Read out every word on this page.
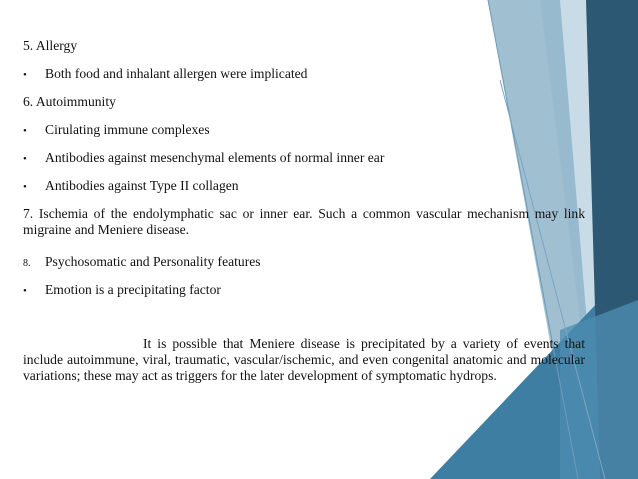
5. Allergy
• Both food and inhalant allergen were implicated
6. Autoimmunity
• Cirulating immune complexes
• Antibodies against mesenchymal elements of normal inner ear
• Antibodies against Type II collagen
7. Ischemia of the endolymphatic sac or inner ear. Such a common vascular mechanism may link migraine and Meniere disease.
8. Psychosomatic and Personality features
• Emotion is a precipitating factor
It is possible that Meniere disease is precipitated by a variety of events that include autoimmune, viral, traumatic, vascular/ischemic, and even congenital anatomic and molecular variations; these may act as triggers for the later development of symptomatic hydrops.
